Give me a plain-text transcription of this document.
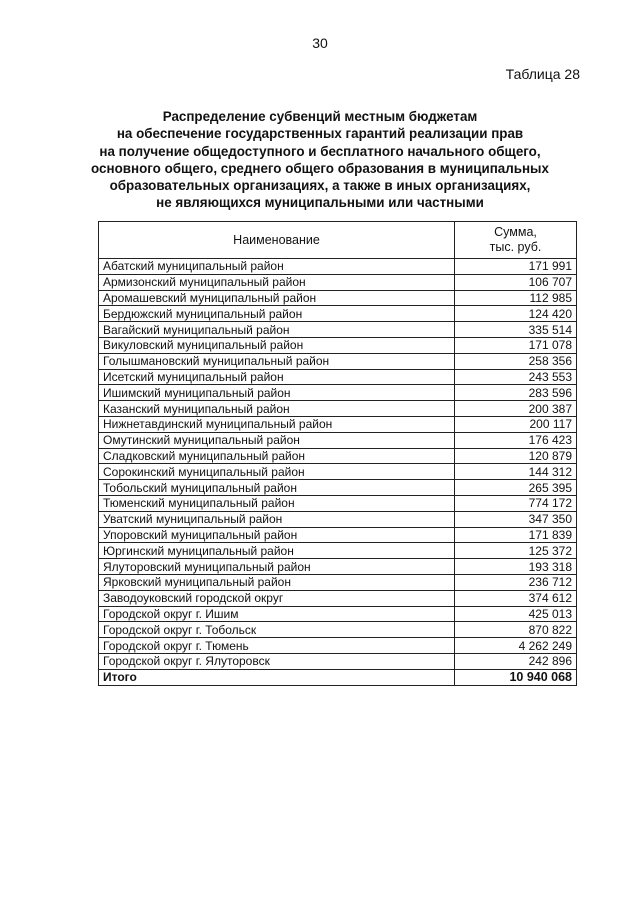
30
Таблица 28
Распределение субвенций местным бюджетам
на обеспечение государственных гарантий реализации прав
на получение общедоступного и бесплатного начального общего,
основного общего, среднего общего образования в муниципальных
образовательных организациях, а также в иных организациях,
не являющихся муниципальными или частными
Наименование	Сумма,
тыс. руб.
Абатский муниципальный район	171 991
Армизонский муниципальный район	106 707
Аромашевский муниципальный район	112 985
Бердюжский муниципальный район	124 420
Вагайский муниципальный район	335 514
Викуловский муниципальный район	171 078
Голышмановский муниципальный район	258 356
Исетский муниципальный район	243 553
Ишимский муниципальный район	283 596
Казанский муниципальный район	200 387
Нижнетавдинский муниципальный район	200 117
Омутинский муниципальный район	176 423
Сладковский муниципальный район	120 879
Сорокинский муниципальный район	144 312
Тобольский муниципальный район	265 395
Тюменский муниципальный район	774 172
Уватский муниципальный район	347 350
Упоровский муниципальный район	171 839
Юргинский муниципальный район	125 372
Ялуторовский муниципальный район	193 318
Ярковский муниципальный район	236 712
Заводоуковский городской округ	374 612
Городской округ г. Ишим	425 013
Городской округ г. Тобольск	870 822
Городской округ г. Тюмень	4 262 249
Городской округ г. Ялуторовск	242 896
Итого	10 940 068
